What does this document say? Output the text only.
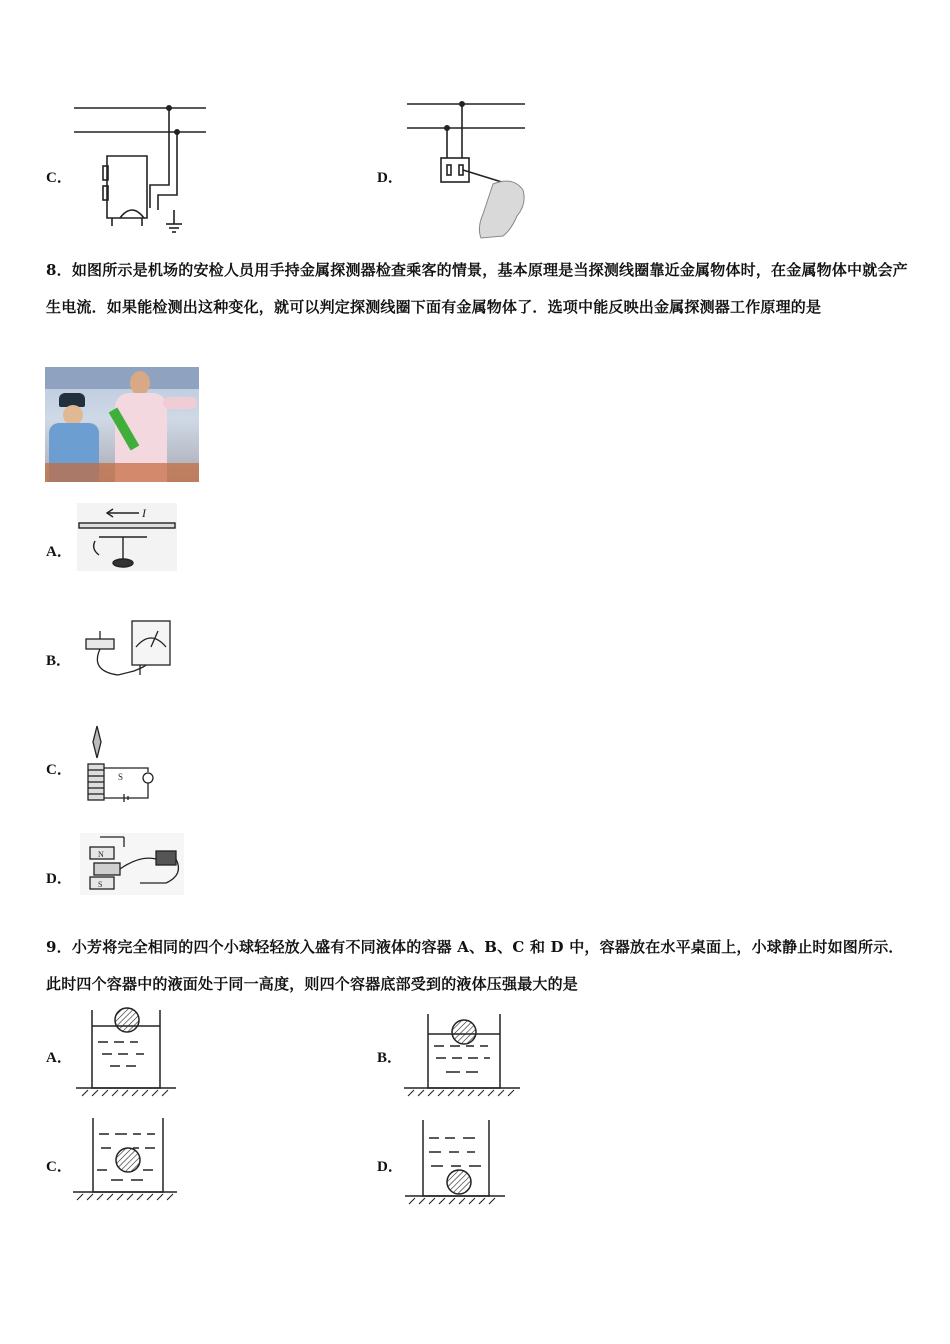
C．	D．
8．如图所示是机场的安检人员用手持金属探测器检查乘客的情景，基本原理是当探测线圈靠近金属物体时，在金属物体中就会产生电流．如果能检测出这种变化，就可以判定探测线圈下面有金属物体了．选项中能反映出金属探测器工作原理的是
A．
I
B．
C．	S
D．
N
S
9．小芳将完全相同的四个小球轻轻放入盛有不同液体的容器 A、B、C 和 D 中，容器放在水平桌面上，小球静止时如图所示．此时四个容器中的液面处于同一高度，则四个容器底部受到的液体压强最大的是
A．	B．
C．	D．
